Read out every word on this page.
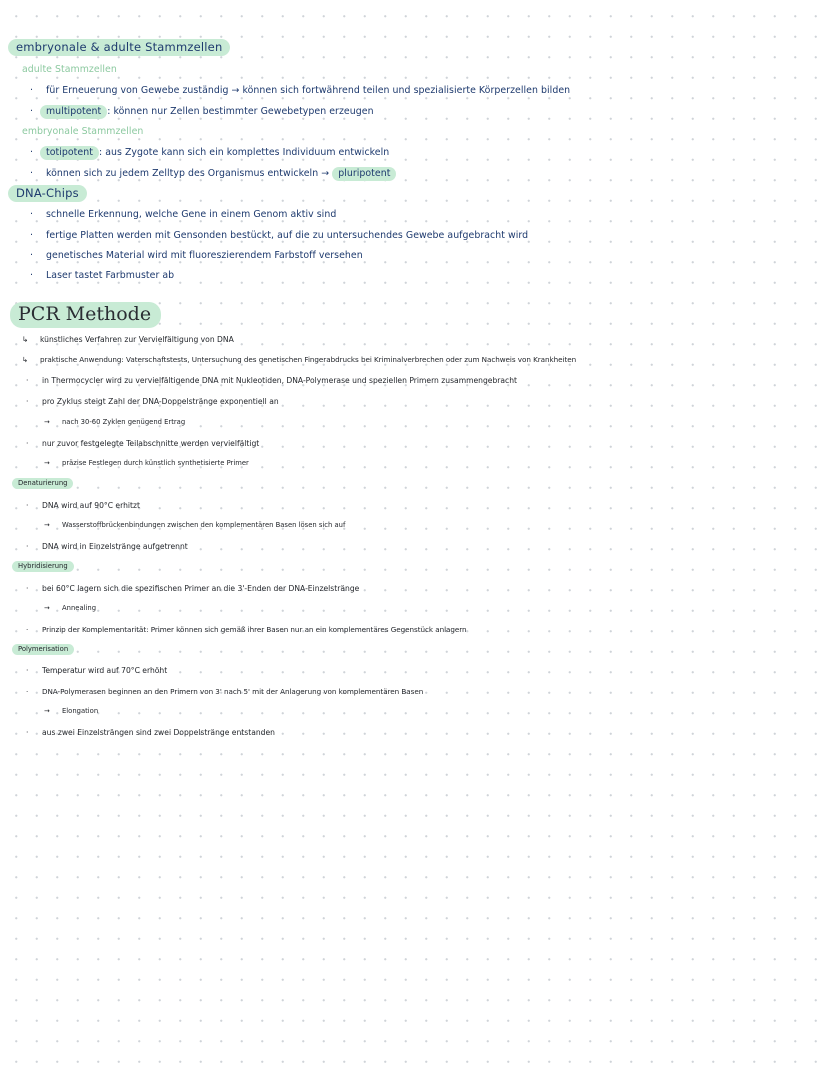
embryonale & adulte Stammzellen
adulte Stammzellen
· für Erneuerung von Gewebe zuständig → können sich fortwährend teilen und spezialisierte Körperzellen bilden
· multipotent : können nur Zellen bestimmter Gewebetypen erzeugen
embryonale Stammzellen
· totipotent : aus Zygote kann sich ein komplettes Individuum entwickeln
· können sich zu jedem Zelltyp des Organismus entwickeln → pluripotent
DNA-Chips
· schnelle Erkennung, welche Gene in einem Genom aktiv sind
· fertige Platten werden mit Gensonden bestückt, auf die zu untersuchendes Gewebe aufgebracht wird
· genetisches Material wird mit fluoreszierendem Farbstoff versehen
· Laser tastet Farbmuster ab
PCR Methode
↳ künstliches Verfahren zur Vervielfältigung von DNA
↳ praktische Anwendung: Vaterschaftstests, Untersuchung des genetischen Fingerabdrucks bei Kriminalverbrechen oder zum Nachweis von Krankheiten
· in Thermocycler wird zu vervielfältigende DNA mit Nukleotiden, DNA-Polymerase und speziellen Primern zusammengebracht
· pro Zyklus steigt Zahl der DNA-Doppelstränge exponentiell an
→ nach 30-60 Zyklen genügend Ertrag
· nur zuvor festgelegte Teilabschnitte werden vervielfältigt
→ präzise Festlegen durch künstlich synthetisierte Primer
Denaturierung
· DNA wird auf 90°C erhitzt
→ Wasserstoffbrückenbindungen zwischen den komplementären Basen lösen sich auf
· DNA wird in Einzelstränge aufgetrennt
Hybridisierung
· bei 60°C lagern sich die spezifischen Primer an die 3'-Enden der DNA-Einzelstränge
→ Annealing
· Prinzip der Komplementarität: Primer können sich gemäß ihrer Basen nur an ein komplementäres Gegenstück anlagern
Polymerisation
· Temperatur wird auf 70°C erhöht
· DNA-Polymerasen beginnen an den Primern von 3' nach 5' mit der Anlagerung von komplementären Basen
→ Elongation
· aus zwei Einzelsträngen sind zwei Doppelstränge entstanden
